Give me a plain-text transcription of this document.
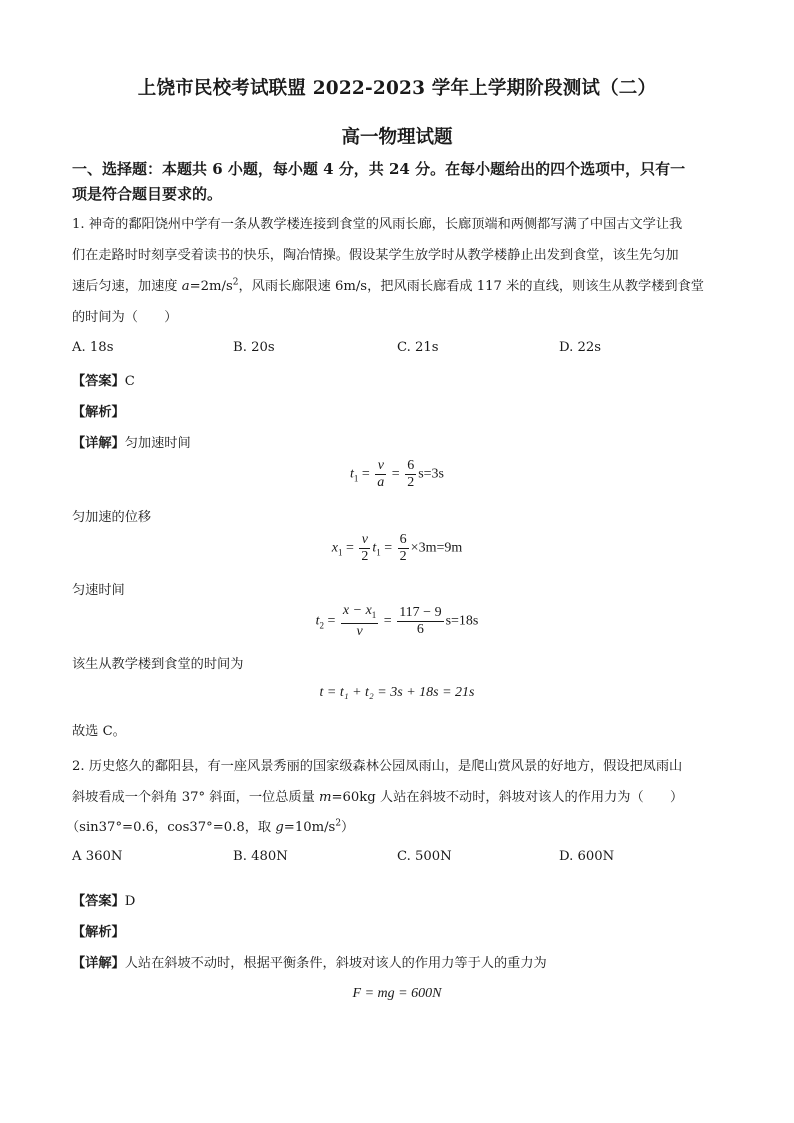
上饶市民校考试联盟 2022-2023 学年上学期阶段测试（二）
高一物理试题
一、选择题：本题共 6 小题，每小题 4 分，共 24 分。在每小题给出的四个选项中，只有一
项是符合题目要求的。
1. 神奇的鄱阳饶州中学有一条从教学楼连接到食堂的风雨长廊，长廊顶端和两侧都写满了中国古文学让我
们在走路时时刻享受着读书的快乐，陶冶情操。假设某学生放学时从教学楼静止出发到食堂，该生先匀加
速后匀速，加速度 $a=2m/s^2$，风雨长廊限速 6m/s，把风雨长廊看成 117 米的直线，则该生从教学楼到食堂
的时间为（　　）
A. 18s	B. 20s	C. 21s	D. 22s
【答案】C
【解析】
【详解】匀加速时间
$t_1 = \frac{v}{a} = \frac{6}{2} s=3s$
匀加速的位移
$x_1 = \frac{v}{2} t_1 = \frac{6}{2} \times 3m=9m$
匀速时间
$t_2 = \frac{x - x_1}{v} = \frac{117 - 9}{6} s=18s$
该生从教学楼到食堂的时间为
t = t₁ + t₂ = 3s + 18s = 21s
故选 C。
2. 历史悠久的鄱阳县，有一座风景秀丽的国家级森林公园凤雨山，是爬山赏风景的好地方，假设把凤雨山
斜坡看成一个斜角 37° 斜面，一位总质量 m=60kg 人站在斜坡不动时，斜坡对该人的作用力为（　　）
（sin37°=0.6，cos37°=0.8，取 $g=10m/s^2$）
A 360N	B. 480N	C. 500N	D. 600N
【答案】D
【解析】
【详解】人站在斜坡不动时，根据平衡条件，斜坡对该人的作用力等于人的重力为
F = mg = 600N
